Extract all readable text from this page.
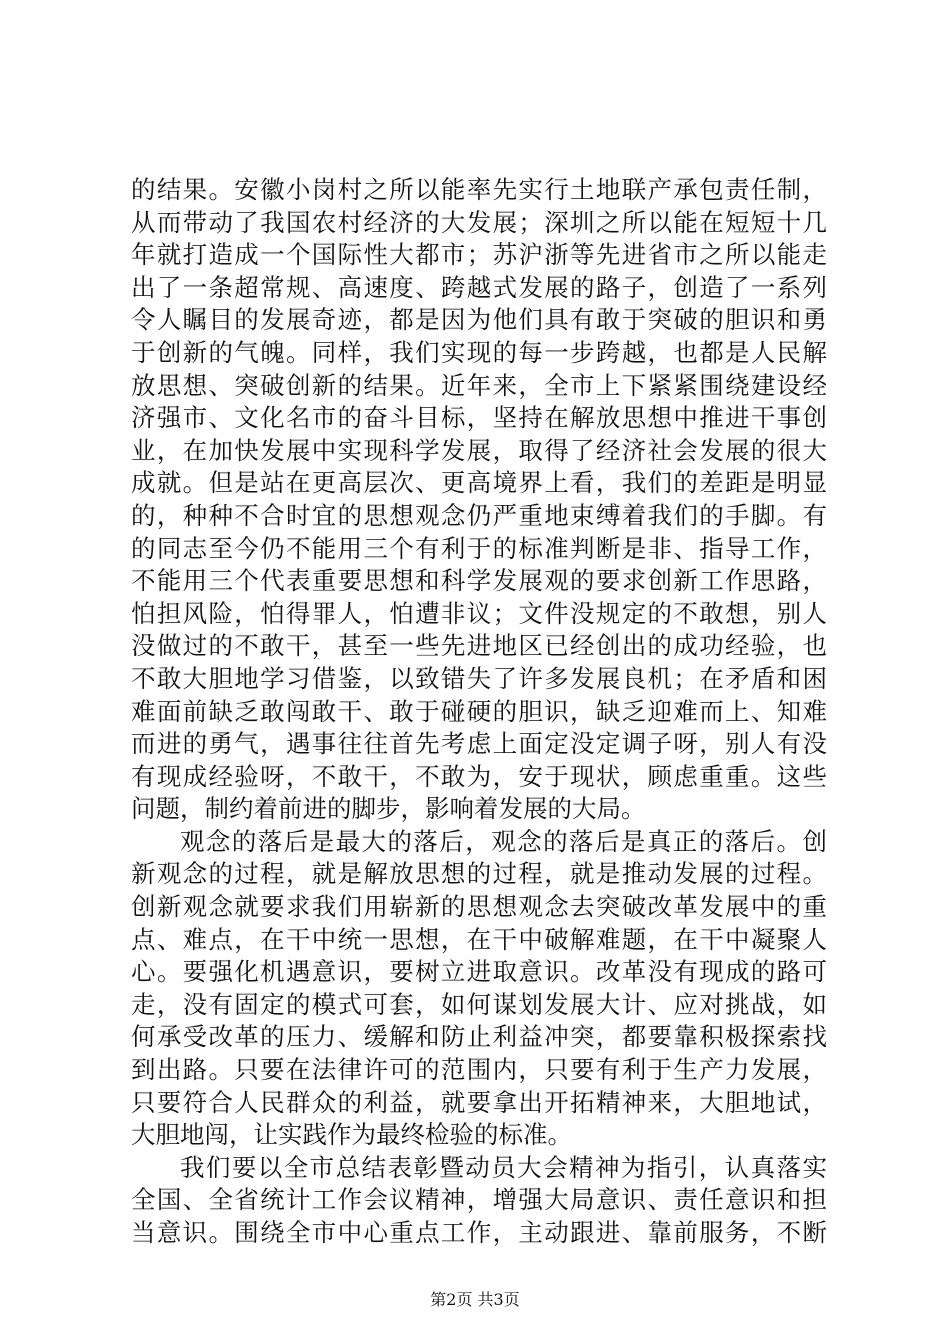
的结果。安徽小岗村之所以能率先实行土地联产承包责任制，
从而带动了我国农村经济的大发展；深圳之所以能在短短十几
年就打造成一个国际性大都市；苏沪浙等先进省市之所以能走
出了一条超常规、高速度、跨越式发展的路子，创造了一系列
令人瞩目的发展奇迹，都是因为他们具有敢于突破的胆识和勇
于创新的气魄。同样，我们实现的每一步跨越，也都是人民解
放思想、突破创新的结果。近年来，全市上下紧紧围绕建设经
济强市、文化名市的奋斗目标，坚持在解放思想中推进干事创
业，在加快发展中实现科学发展，取得了经济社会发展的很大
成就。但是站在更高层次、更高境界上看，我们的差距是明显
的，种种不合时宜的思想观念仍严重地束缚着我们的手脚。有
的同志至今仍不能用三个有利于的标准判断是非、指导工作，
不能用三个代表重要思想和科学发展观的要求创新工作思路，
怕担风险，怕得罪人，怕遭非议；文件没规定的不敢想，别人
没做过的不敢干，甚至一些先进地区已经创出的成功经验，也
不敢大胆地学习借鉴，以致错失了许多发展良机；在矛盾和困
难面前缺乏敢闯敢干、敢于碰硬的胆识，缺乏迎难而上、知难
而进的勇气，遇事往往首先考虑上面定没定调子呀，别人有没
有现成经验呀，不敢干，不敢为，安于现状，顾虑重重。这些
问题，制约着前进的脚步，影响着发展的大局。
观念的落后是最大的落后，观念的落后是真正的落后。创
新观念的过程，就是解放思想的过程，就是推动发展的过程。
创新观念就要求我们用崭新的思想观念去突破改革发展中的重
点、难点，在干中统一思想，在干中破解难题，在干中凝聚人
心。要强化机遇意识，要树立进取意识。改革没有现成的路可
走，没有固定的模式可套，如何谋划发展大计、应对挑战，如
何承受改革的压力、缓解和防止利益冲突，都要靠积极探索找
到出路。只要在法律许可的范围内，只要有利于生产力发展，
只要符合人民群众的利益，就要拿出开拓精神来，大胆地试，
大胆地闯，让实践作为最终检验的标准。
我们要以全市总结表彰暨动员大会精神为指引，认真落实
全国、全省统计工作会议精神，增强大局意识、责任意识和担
当意识。围绕全市中心重点工作，主动跟进、靠前服务，不断
第2页 共3页
